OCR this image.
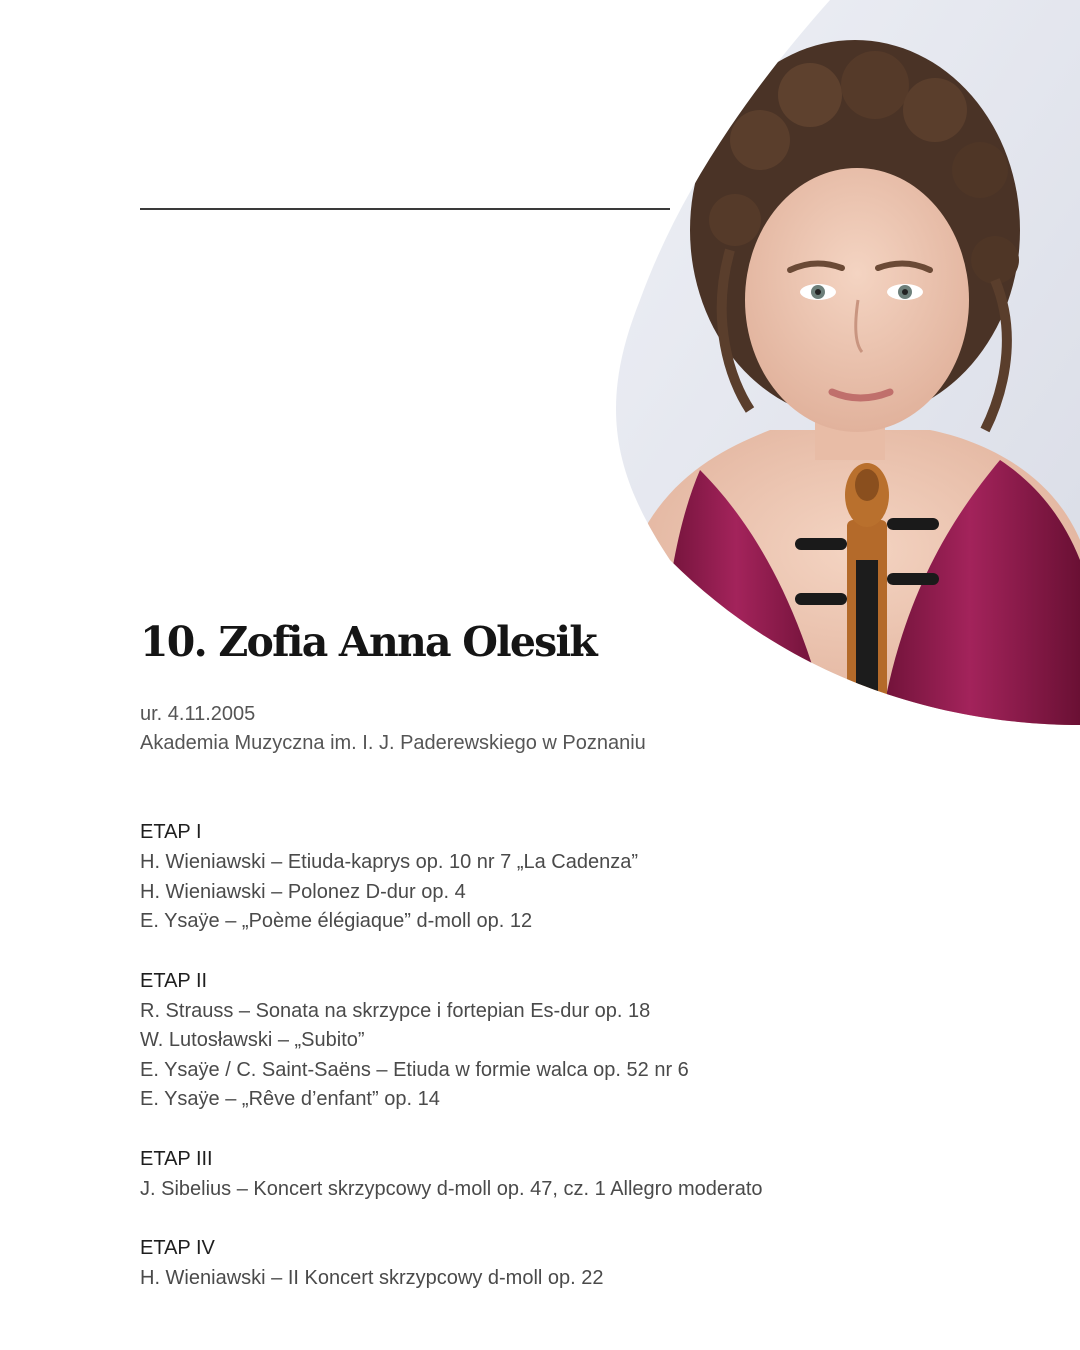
10. Zofia Anna Olesik
ur. 4.11.2005
Akademia Muzyczna im. I. J. Paderewskiego w Poznaniu
ETAP I
H. Wieniawski – Etiuda-kaprys op. 10 nr 7 „La Cadenza”
H. Wieniawski – Polonez D-dur op. 4
E. Ysaÿe – „Poème élégiaque” d-moll op. 12
ETAP II
R. Strauss – Sonata na skrzypce i fortepian Es-dur op. 18
W. Lutosławski – „Subito”
E. Ysaÿe / C. Saint-Saëns – Etiuda w formie walca op. 52 nr 6
E. Ysaÿe – „Rêve d’enfant” op. 14
ETAP III
J. Sibelius – Koncert skrzypcowy d-moll op. 47, cz. 1 Allegro moderato
ETAP IV
H. Wieniawski – II Koncert skrzypcowy d-moll op. 22
